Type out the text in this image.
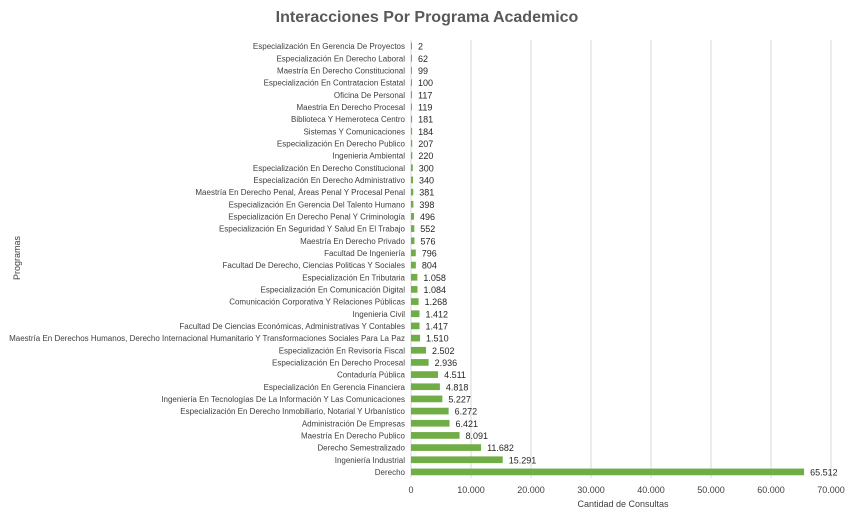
Interacciones Por Programa Academico
Especialización En Gerencia De Proyectos
Especialización En Derecho Laboral
Maestría En Derecho Constitucional
Especialización En Contratacion Estatal
Oficina De Personal
Maestria En Derecho Procesal
Biblioteca Y Hemeroteca Centro
Sistemas Y Comunicaciones
Especialización En Derecho Publico
Ingenieria Ambiental
Especialización En Derecho Constitucional
Especialización En Derecho Administrativo
Maestría En Derecho Penal, Áreas Penal Y Procesal Penal
Especialización En Gerencia Del Talento Humano
Especialización En Derecho Penal Y Criminología
Especialización En Seguridad Y Salud En El Trabajo
Maestría En Derecho Privado
Facultad De Ingeniería
Facultad De Derecho, Ciencias Politicas Y Sociales
Especialización En Tributaria
Especialización En Comunicación Digital
Comunicación Corporativa Y Relaciones Públicas
Ingenieria Civil
Facultad De Ciencias Económicas, Administrativas Y Contables
Maestría En Derechos Humanos, Derecho Internacional Humanitario Y Transformaciones Sociales Para La Paz
Especialización En Revisoría Fiscal
Especialización En Derecho Procesal
Contaduría Pública
Especialización En Gerencia Financiera
Ingeniería En Tecnologías De La Información Y Las Comunicaciones
Especialización En Derecho Inmobiliario, Notarial Y Urbanístico
Administración De Empresas
Maestría En Derecho Publico
Derecho Semestralizado
Ingeniería Industrial
Derecho
2
62
99
100
117
119
181
184
207
220
300
340
381
398
496
552
576
796
804
1.058
1.084
1.268
1.412
1.417
1.510
2.502
2.936
4.511
4.818
5.227
6.272
6.421
8.091
11.682
15.291
65.512
0	10.000	20.000	30.000	40.000	50.000	60.000	70.000
Cantidad de Consultas
Programas
